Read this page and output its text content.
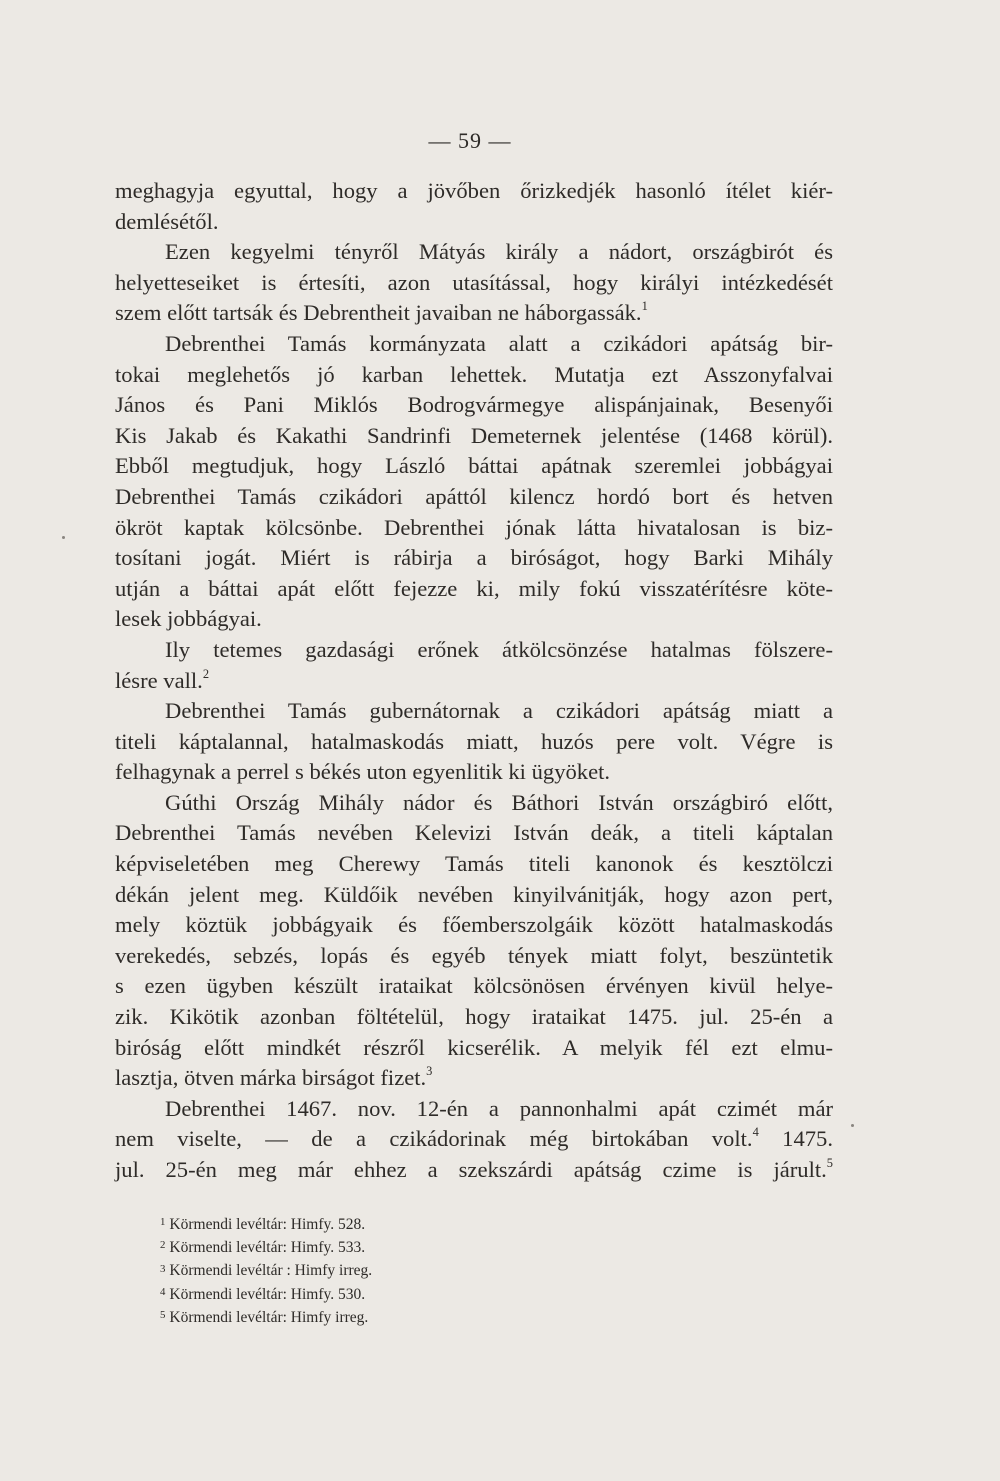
— 59 —
meghagyja egyuttal, hogy a jövőben őrizkedjék hasonló ítélet kiér-
demlésétől.
Ezen kegyelmi tényről Mátyás király a nádort, országbirót és
helyetteseiket is értesíti, azon utasítással, hogy királyi intézkedését
szem előtt tartsák és Debrentheit javaiban ne háborgassák.$^1$
Debrenthei Tamás kormányzata alatt a czikádori apátság bir-
tokai meglehetős jó karban lehettek. Mutatja ezt Asszonyfalvai
János és Pani Miklós Bodrogvármegye alispánjainak, Besenyői
Kis Jakab és Kakathi Sandrinfi Demeternek jelentése (1468 körül).
Ebből megtudjuk, hogy László báttai apátnak szeremlei jobbágyai
Debrenthei Tamás czikádori apáttól kilencz hordó bort és hetven
ökröt kaptak kölcsönbe. Debrenthei jónak látta hivatalosan is biz-
tosítani jogát. Miért is rábirja a biróságot, hogy Barki Mihály
utján a báttai apát előtt fejezze ki, mily fokú visszatérítésre köte-
lesek jobbágyai.
Ily tetemes gazdasági erőnek átkölcsönzése hatalmas fölszere-
lésre vall.$^2$
Debrenthei Tamás gubernátornak a czikádori apátság miatt a
titeli káptalannal, hatalmaskodás miatt, huzós pere volt. Végre is
felhagynak a perrel s békés uton egyenlitik ki ügyöket.
Gúthi Ország Mihály nádor és Báthori István országbiró előtt,
Debrenthei Tamás nevében Kelevizi István deák, a titeli káptalan
képviseletében meg Cherewy Tamás titeli kanonok és kesztölczi
dékán jelent meg. Küldőik nevében kinyilvánitják, hogy azon pert,
mely köztük jobbágyaik és főemberszolgáik között hatalmaskodás
verekedés, sebzés, lopás és egyéb tények miatt folyt, beszüntetik
s ezen ügyben készült irataikat kölcsönösen érvényen kivül helye-
zik. Kikötik azonban föltételül, hogy irataikat 1475. jul. 25-én a
biróság előtt mindkét részről kicserélik. A melyik fél ezt elmu-
lasztja, ötven márka birságot fizet.$^3$
Debrenthei 1467. nov. 12-én a pannonhalmi apát czimét már
nem viselte, — de a czikádorinak még birtokában volt.$^4$ 1475.
jul. 25-én meg már ehhez a szekszárdi apátság czime is járult.$^5$
$^1$ Körmendi levéltár: Himfy. 528.
$^2$ Körmendi levéltár: Himfy. 533.
$^3$ Körmendi levéltár : Himfy irreg.
$^4$ Körmendi levéltár: Himfy. 530.
$^5$ Körmendi levéltár: Himfy irreg.
